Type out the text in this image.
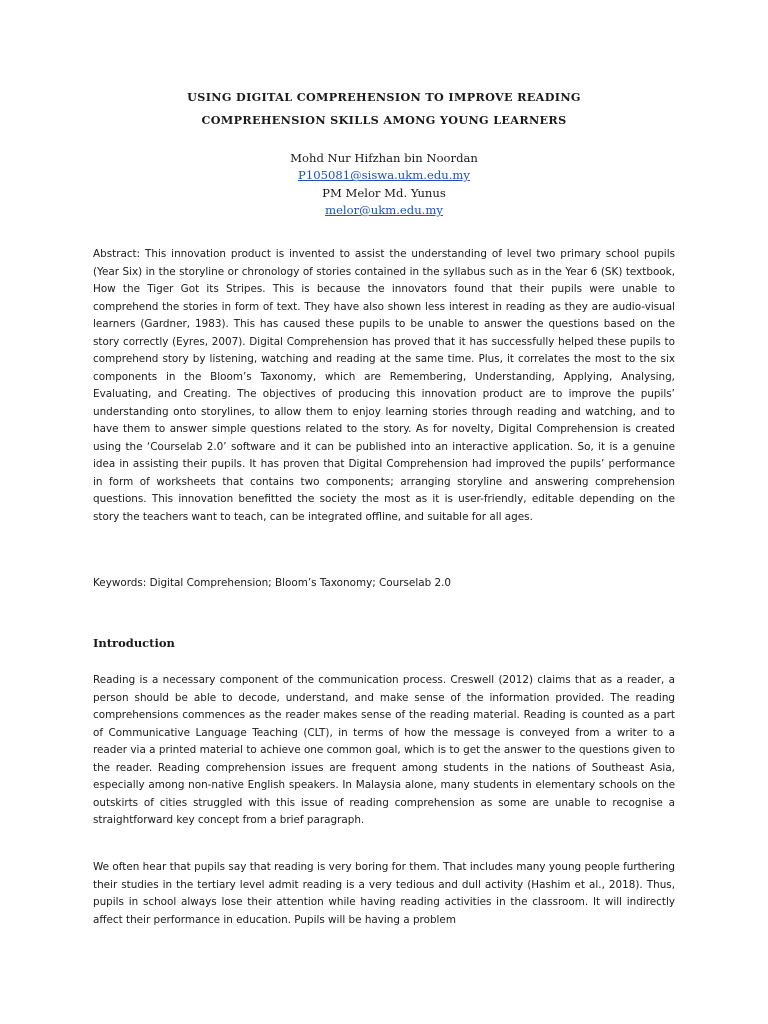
USING DIGITAL COMPREHENSION TO IMPROVE READING
COMPREHENSION SKILLS AMONG YOUNG LEARNERS
Mohd Nur Hifzhan bin Noordan
P105081@siswa.ukm.edu.my
PM Melor Md. Yunus
melor@ukm.edu.my

Abstract: This innovation product is invented to assist the understanding of level two primary school pupils (Year Six) in the storyline or chronology of stories contained in the syllabus such as in the Year 6 (SK) textbook, How the Tiger Got its Stripes. This is because the innovators found that their pupils were unable to comprehend the stories in form of text. They have also shown less interest in reading as they are audio-visual learners (Gardner, 1983). This has caused these pupils to be unable to answer the questions based on the story correctly (Eyres, 2007). Digital Comprehension has proved that it has successfully helped these pupils to comprehend story by listening, watching and reading at the same time. Plus, it correlates the most to the six components in the Bloom’s Taxonomy, which are Remembering, Understanding, Applying, Analysing, Evaluating, and Creating. The objectives of producing this innovation product are to improve the pupils’ understanding onto storylines, to allow them to enjoy learning stories through reading and watching, and to have them to answer simple questions related to the story. As for novelty, Digital Comprehension is created using the ‘Courselab 2.0’ software and it can be published into an interactive application. So, it is a genuine idea in assisting their pupils. It has proven that Digital Comprehension had improved the pupils’ performance in form of worksheets that contains two components; arranging storyline and answering comprehension questions. This innovation benefitted the society the most as it is user-friendly, editable depending on the story the teachers want to teach, can be integrated offline, and suitable for all ages.

Keywords: Digital Comprehension; Bloom’s Taxonomy; Courselab 2.0

Introduction

Reading is a necessary component of the communication process. Creswell (2012) claims that as a reader, a person should be able to decode, understand, and make sense of the information provided. The reading comprehensions commences as the reader makes sense of the reading material. Reading is counted as a part of Communicative Language Teaching (CLT), in terms of how the message is conveyed from a writer to a reader via a printed material to achieve one common goal, which is to get the answer to the questions given to the reader. Reading comprehension issues are frequent among students in the nations of Southeast Asia, especially among non-native English speakers. In Malaysia alone, many students in elementary schools on the outskirts of cities struggled with this issue of reading comprehension as some are unable to recognise a straightforward key concept from a brief paragraph.

We often hear that pupils say that reading is very boring for them. That includes many young people furthering their studies in the tertiary level admit reading is a very tedious and dull activity (Hashim et al., 2018). Thus, pupils in school always lose their attention while having reading activities in the classroom. It will indirectly affect their performance in education. Pupils will be having a problem
